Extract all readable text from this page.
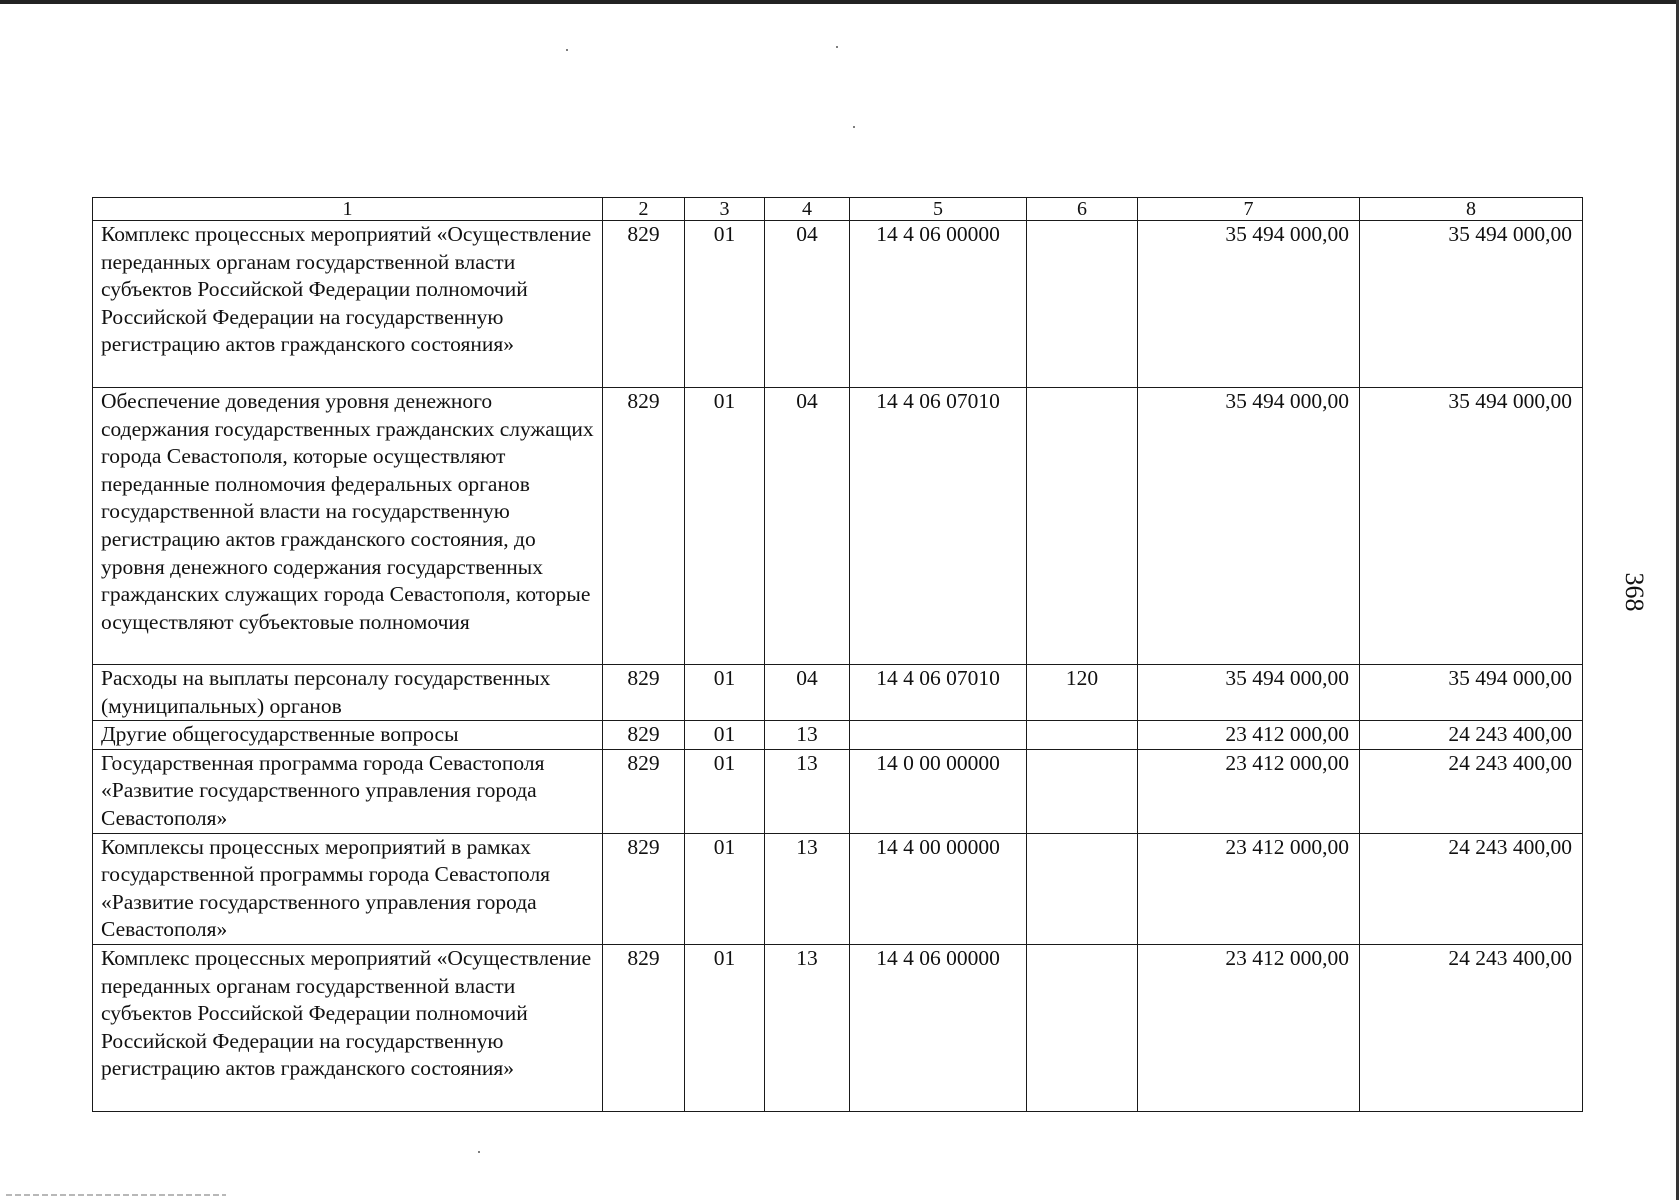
368
1	2	3	4	5	6	7	8
Комплекс процессных мероприятий «Осуществление переданных органам государственной власти субъектов Российской Федерации полномочий Российской Федерации на государственную регистрацию актов гражданского состояния»	829	01	04	14 4 06 00000		35 494 000,00	35 494 000,00
Обеспечение доведения уровня денежного содержания государственных гражданских служащих города Севастополя, которые осуществляют переданные полномочия федеральных органов государственной власти на государственную регистрацию актов гражданского состояния, до уровня денежного содержания государственных гражданских служащих города Севастополя, которые осуществляют субъектовые полномочия	829	01	04	14 4 06 07010		35 494 000,00	35 494 000,00
Расходы на выплаты персоналу государственных (муниципальных) органов	829	01	04	14 4 06 07010	120	35 494 000,00	35 494 000,00
Другие общегосударственные вопросы	829	01	13			23 412 000,00	24 243 400,00
Государственная программа города Севастополя «Развитие государственного управления города Севастополя»	829	01	13	14 0 00 00000		23 412 000,00	24 243 400,00
Комплексы процессных мероприятий в рамках государственной программы города Севастополя «Развитие государственного управления города Севастополя»	829	01	13	14 4 00 00000		23 412 000,00	24 243 400,00
Комплекс процессных мероприятий «Осуществление переданных органам государственной власти субъектов Российской Федерации полномочий Российской Федерации на государственную регистрацию актов гражданского состояния»	829	01	13	14 4 06 00000		23 412 000,00	24 243 400,00
